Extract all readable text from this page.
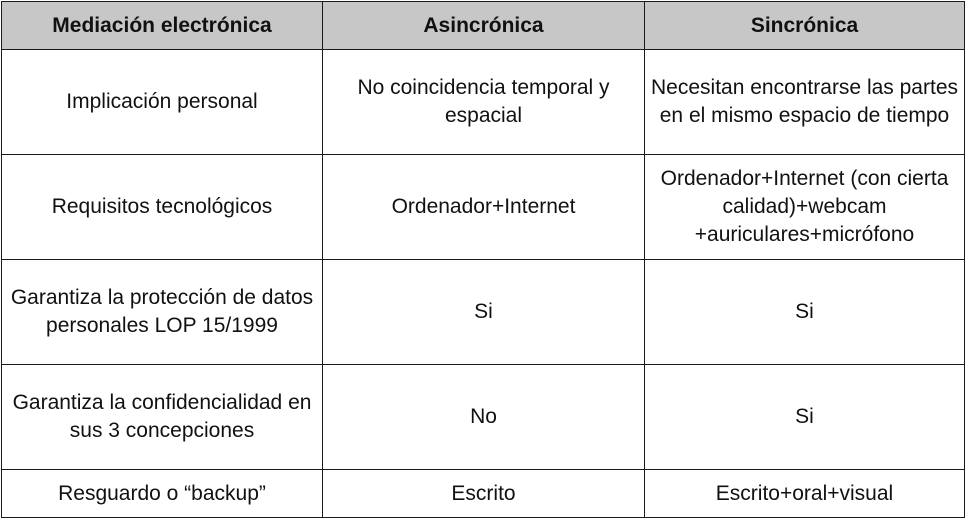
Mediación electrónica	Asincrónica	Sincrónica

Implicación personal	No coincidencia temporal y espacial	Necesitan encontrarse las partes en el mismo espacio de tiempo

Requisitos tecnológicos	Ordenador+Internet	Ordenador+Internet (con cierta calidad)+webcam +auriculares+micrófono

Garantiza la protección de datos personales LOP 15/1999	Si	Si

Garantiza la confidencialidad en sus 3 concepciones	No	Si

Resguardo o “backup”	Escrito	Escrito+oral+visual
